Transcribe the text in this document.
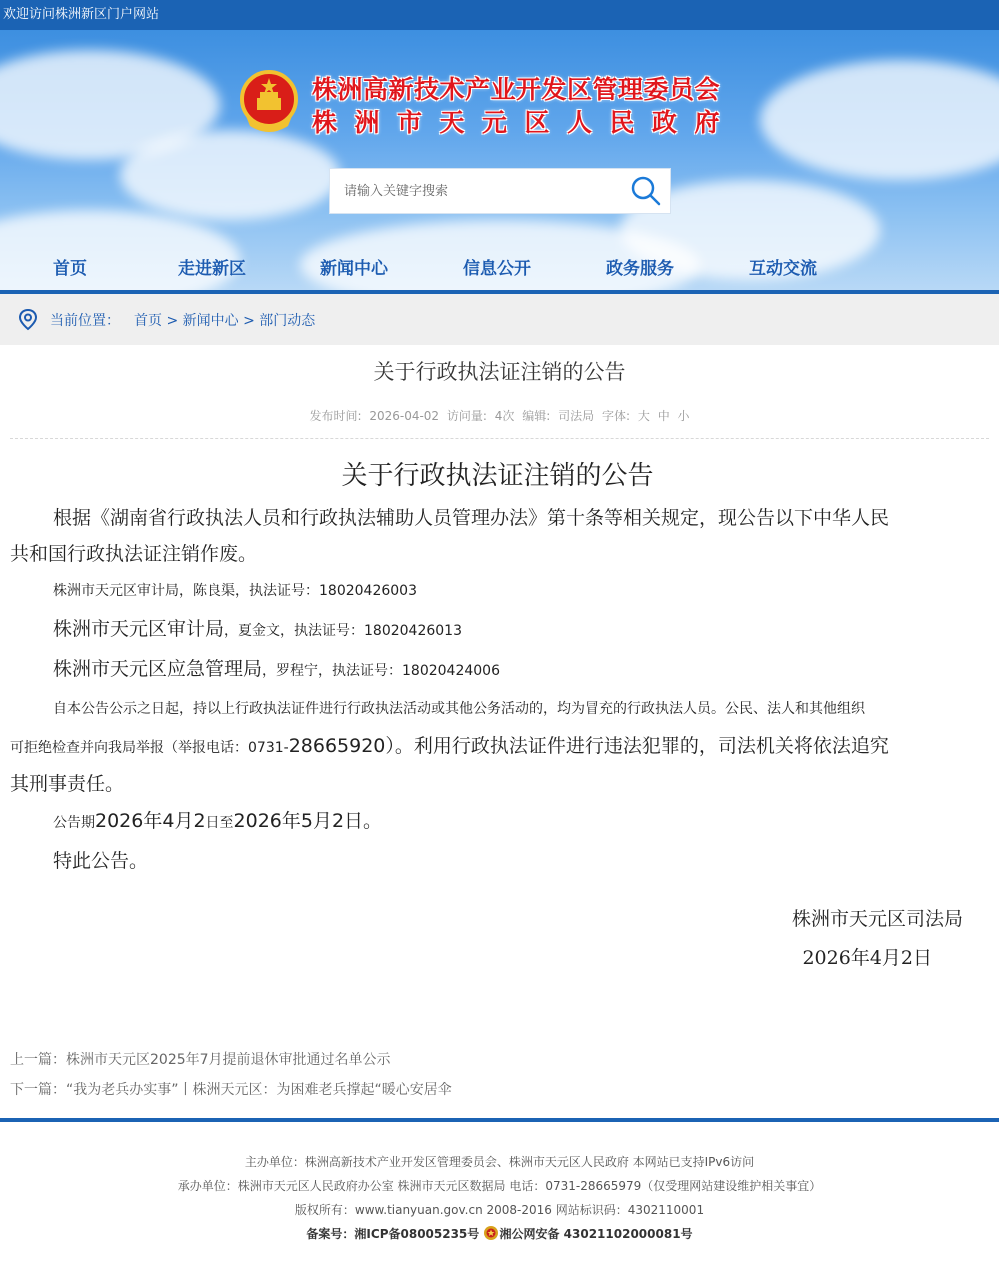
欢迎访问株洲新区门户网站
株洲高新技术产业开发区管理委员会
株洲市天元区人民政府
请输入关键字搜索
首页	走进新区	新闻中心	信息公开	政务服务	互动交流
当前位置： 首页 > 新闻中心 > 部门动态
关于行政执法证注销的公告
发布时间: 2026-04-02 访问量: 4次 编辑: 司法局 字体: 大 中 小
关于行政执法证注销的公告
根据《湖南省行政执法人员和行政执法辅助人员管理办法》第十条等相关规定，现公告以下中华人民
共和国行政执法证注销作废。
株洲市天元区审计局，陈良渠，执法证号：18020426003
株洲市天元区审计局，夏金文，执法证号：18020426013
株洲市天元区应急管理局，罗程宁，执法证号：18020424006
自本公告公示之日起，持以上行政执法证件进行行政执法活动或其他公务活动的，均为冒充的行政执法人员。公民、法人和其他组织
可拒绝检查并向我局举报（举报电话：0731-28665920）。利用行政执法证件进行违法犯罪的，司法机关将依法追究
其刑事责任。
公告期2026年4月2日至2026年5月2日。
特此公告。
株洲市天元区司法局
2026年4月2日
上一篇：株洲市天元区2025年7月提前退休审批通过名单公示
下一篇：“我为老兵办实事”丨株洲天元区：为困难老兵撑起“暖心安居伞
主办单位：株洲高新技术产业开发区管理委员会、株洲市天元区人民政府 本网站已支持IPv6访问
承办单位：株洲市天元区人民政府办公室 株洲市天元区数据局 电话：0731-28665979（仅受理网站建设维护相关事宜）
版权所有：www.tianyuan.gov.cn 2008-2016 网站标识码：4302110001
备案号：湘ICP备08005235号 湘公网安备 43021102000081号
